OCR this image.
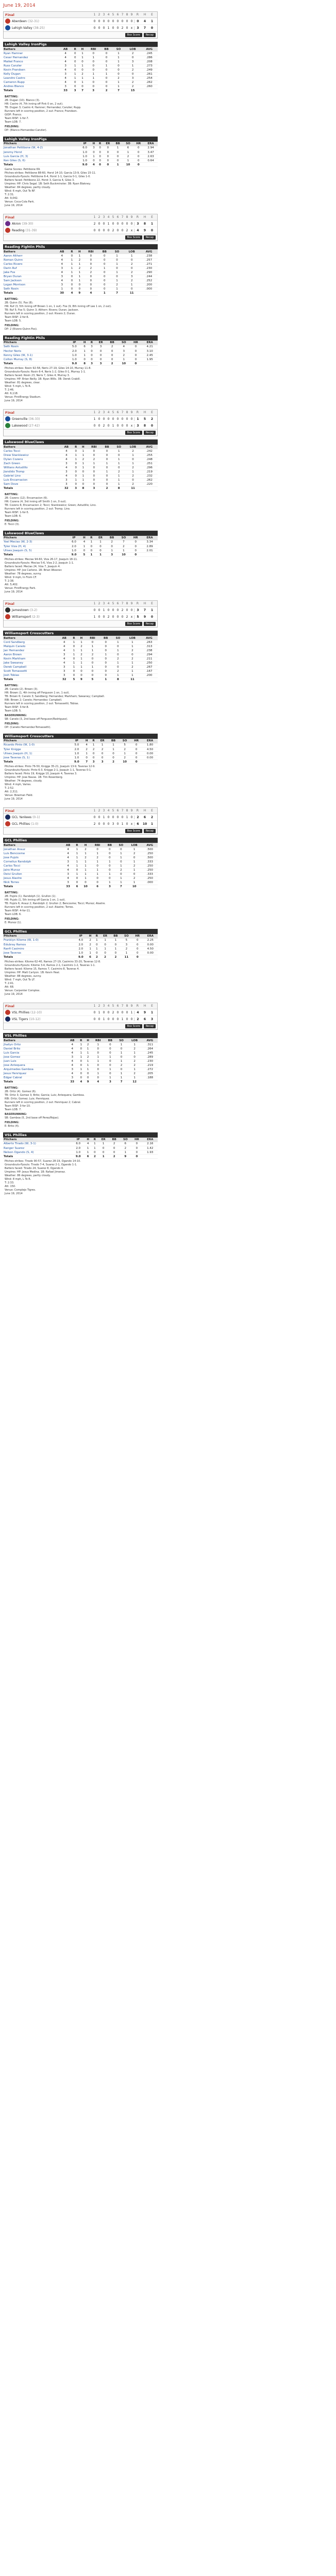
June 19, 2014
Final	1 2 3 4 5 6 7 8 9	R	H	E
Aberdeen (32-31)	0 0 0 0 0 0 0 0 0	0	4	1
Lehigh Valley (38-25)	0 0 0 1 0 0 2 0 x	3	7	0
Box Score	Recap
Lehigh Valley IronPigs
Batters	AB	R	H	RBI	BB	SO	LOB	AVG
Ryan Hamner	4	0	1	0	0	1	2	.245
Cesar Hernandez	4	0	1	1	0	1	0	.286
Maikel Franco	4	0	0	0	0	1	3	.208
Russ Canzler	3	1	1	0	1	0	1	.273
Kevin Frandsen	4	0	0	0	0	0	2	.249
Kelly Dugan	3	1	2	1	1	0	0	.261
Leandro Castro	4	1	1	1	0	2	3	.254
Cameron Rupp	4	0	1	0	0	1	2	.262
Andres Blanco	3	0	0	0	0	1	2	.260
Totals	33	3	7	3	2	7	15	
BATTING:
2B: Dugan (10). Blanco (3).
HR: Castro (4, 7th inning off Fink 0 on, 2 out).
TB: Dugan 3; Castro 4; Hamner; Hernandez; Canzler; Rupp.
Runners left in scoring position, 2 out: Franco; Frandsen.
GIDP: Franco.
Team RISP: 1-for-7.
Team LOB: 7.
FIELDING:
DP: (Blanco-Hernandez-Canzler).
Lehigh Valley IronPigs
Pitchers	IP	H	R	ER	BB	SO	HR	ERA
Jonathan Pettibone (W, 4-2)	6.0	3	0	0	1	6	0	2.94
Jeremy Horst	1.0	0	0	0	0	1	0	3.47
Luis Garcia (H, 3)	1.0	1	0	0	0	2	0	2.63
Ken Giles (S, 6)	1.0	0	0	0	0	1	0	0.64
Totals	9.0	4	0	0	1	10	0	
Game Scores: Pettibone 69.
Pitches-strikes: Pettibone 88-60, Horst 14-10, Garcia 13-9, Giles 15-11.
Groundouts-flyouts: Pettibone 6-4, Horst 1-1, Garcia 0-1, Giles 1-0.
Batters faced: Pettibone 22, Horst 3, Garcia 4, Giles 3.
Umpires: HP: Chris Segal. 1B: Seth Buckminster. 3B: Ryan Blakney.
Weather: 84 degrees, partly cloudy.
Wind: 6 mph, Out To RF.
T: 2:31.
Att: 9,042.
Venue: Coca-Cola Park.
June 19, 2014
Final	1 2 3 4 5 6 7 8 9	R	H	E
Akron (39-30)	2 0 0 1 0 0 0 0 0	3	8	1
Reading (31-39)	0 0 0 0 2 0 0 2 x	4	9	0
Box Score	Recap
Reading Fightin Phils
Batters	AB	R	H	RBI	BB	SO	LOB	AVG
Aaron Altherr	4	0	1	0	0	1	1	.238
Roman Quinn	4	1	2	0	0	0	0	.257
Carlos Rivero	4	1	1	0	0	1	2	.271
Darin Ruf	3	1	2	2	1	0	0	.230
Jake Fox	4	1	1	2	0	1	2	.290
Bryan Duran	3	0	1	0	0	0	3	.244
Sam Jackson	4	0	1	0	0	1	2	.252
Logan Morrison	3	0	0	0	0	2	1	.200
Seth Rosin	1	0	0	0	0	1	0	.000
Totals	30	4	9	4	1	7	11	
BATTING:
2B: Quinn (5). Fox (8).
HR: Ruf (3, 5th inning off Brown 1 on, 1 out). Fox (9, 8th inning off Lee 1 on, 2 out).
TB: Ruf 5; Fox 5; Quinn 3; Altherr; Rivero; Duran; Jackson.
Runners left in scoring position, 2 out: Rivero 2; Duran.
Team RISP: 2-for-6.
Team LOB: 5.
FIELDING:
DP: 2 (Rivero-Quinn-Fox).
Reading Fightin Phils
Pitchers	IP	H	R	ER	BB	SO	HR	ERA
Seth Rosin	5.0	6	3	3	2	4	0	4.21
Hector Neris	2.0	1	0	0	0	3	0	3.10
Kenny Giles (W, 3-1)	1.0	1	0	0	0	2	0	2.45
Colton Murray (S, 8)	1.0	0	0	0	0	1	0	1.95
Totals	9.0	8	3	3	2	10	0	
Pitches-strikes: Rosin 92-58, Neris 27-19, Giles 14-10, Murray 11-8.
Groundouts-flyouts: Rosin 6-4, Neris 1-2, Giles 0-1, Murray 1-1.
Batters faced: Rosin 23, Neris 7, Giles 4, Murray 3.
Umpires: HP: Brian Reilly. 1B: Ryan Wills. 3B: Derek Crabill.
Weather: 81 degrees, clear.
Wind: 5 mph, L To R.
T: 2:46.
Att: 6,118.
Venue: FirstEnergy Stadium.
June 19, 2014
Final	1 2 3 4 5 6 7 8 9	R	H	E
Greenville (36-33)	1 0 0 0 0 0 0 0 0	1	5	2
Lakewood (27-42)	0 0 2 0 1 0 0 0 x	3	8	0
Box Score	Recap
Lakewood BlueClaws
Batters	AB	R	H	RBI	BB	SO	LOB	AVG
Carlos Tocci	4	0	1	0	0	1	2	.242
Drew Stankiewicz	4	1	1	0	0	0	1	.255
Dylan Cozens	4	1	2	2	0	1	0	.248
Zach Green	3	0	1	1	1	1	1	.251
Willians Astudillo	4	0	1	0	0	0	2	.296
Jiandido Tromp	3	0	0	0	1	2	1	.219
Gabriel Lino	4	0	1	0	0	1	2	.232
Luis Encarnacion	3	1	1	0	0	1	0	.262
Sam Dove	3	0	0	0	0	1	2	.220
Totals	32	3	8	3	2	8	11	
BATTING:
2B: Cozens (12). Encarnacion (6).
HR: Cozens (4, 3rd inning off Smith 1 on, 0 out).
TB: Cozens 6; Encarnacion 2; Tocci; Stankiewicz; Green; Astudillo; Lino.
Runners left in scoring position, 2 out: Tromp; Lino.
Team RISP: 1-for-5.
Team LOB: 6.
FIELDING:
E: Tocci (3).
Lakewood BlueClaws
Pitchers	IP	H	R	ER	BB	SO	HR	ERA
Yoel Mecias (W, 2-3)	6.0	4	1	1	2	7	0	3.34
Tyler Viza (H, 4)	2.0	1	0	0	0	2	0	2.89
Ulises Joaquin (S, 5)	1.0	0	0	0	1	1	0	2.01
Totals	9.0	5	1	1	3	10	0	
Pitches-strikes: Mecias 94-60, Viza 26-17, Joaquin 18-11.
Groundouts-flyouts: Mecias 5-6, Viza 2-2, Joaquin 1-1.
Batters faced: Mecias 24, Viza 7, Joaquin 4.
Umpires: HP: Joe Carlone. 1B: Brian Wiesner.
Weather: 78 degrees, sunny.
Wind: 9 mph, In From CF.
T: 2:38.
Att: 5,402.
Venue: FirstEnergy Park.
June 19, 2014
Final	1 2 3 4 5 6 7 8 9	R	H	E
Jamestown (3-2)	0 0 1 0 0 0 2 0 0	3	7	1
Williamsport (2-3)	1 0 0 2 0 0 0 2 x	5	9	0
Box Score	Recap
Williamsport Crosscutters
Batters	AB	R	H	RBI	BB	SO	LOB	AVG
Cord Sandberg	4	1	1	0	0	1	1	.263
Malquin Canelo	4	0	2	1	0	0	1	.313
Jan Hernandez	4	1	1	1	0	1	2	.238
Aaron Brown	3	1	2	2	1	0	0	.294
Kevin Markham	4	0	1	0	0	2	2	.211
Jake Sweaney	4	1	1	0	0	1	1	.250
Derek Campbell	3	1	1	1	0	0	2	.267
Scott Tomassetti	3	0	0	0	0	2	1	.167
Josh Tobias	3	0	0	0	0	1	1	.200
Totals	32	5	9	5	1	8	11	
BATTING:
2B: Canelo (2). Brown (3).
HR: Brown (1, 4th inning off Ferguson 1 on, 1 out).
TB: Brown 6; Canelo 3; Sandberg; Hernandez; Markham; Sweaney; Campbell.
RBI: Brown 2; Canelo; Hernandez; Campbell.
Runners left in scoring position, 2 out: Tomassetti; Tobias.
Team RISP: 3-for-8.
Team LOB: 5.
BASERUNNING:
SB: Canelo (3, 2nd base off Ferguson/Rodriguez).
FIELDING:
DP: (Canelo-Hernandez-Tomassetti).
Williamsport Crosscutters
Pitchers	IP	H	R	ER	BB	SO	HR	ERA
Ricardo Pinto (W, 1-0)	5.0	4	1	1	1	5	0	1.80
Tyler Knigge	2.0	2	2	2	1	2	0	4.50
Ulises Joaquin (H, 1)	1.0	1	0	0	0	1	0	0.00
Jose Taveras (S, 1)	1.0	0	0	0	0	2	0	0.00
Totals	9.0	7	3	3	2	10	0	
Pitches-strikes: Pinto 76-50, Knigge 35-21, Joaquin 13-9, Taveras 12-9.
Groundouts-flyouts: Pinto 6-3, Knigge 2-1, Joaquin 1-1, Taveras 0-1.
Batters faced: Pinto 19, Knigge 10, Joaquin 4, Taveras 3.
Umpires: HP: Jose Navas. 1B: Tim Rosenberg.
Weather: 74 degrees, cloudy.
Wind: 4 mph, Varies.
T: 2:52.
Att: 2,311.
Venue: Bowman Field.
June 19, 2014
Final	1 2 3 4 5 6 7 8 9	R	H	E
GCL Yankees (0-1)	0 0 1 0 0 0 0 1 0	2	6	2
GCL Phillies (1-0)	2 0 0 0 3 0 1 0 x	6	10	1
Box Score	Recap
GCL Phillies
Batters	AB	R	H	RBI	BB	SO	LOB	AVG
Jonathan Arauz	4	1	2	0	0	0	1	.500
Luis Bencosme	4	1	1	1	0	1	2	.250
Jose Pujols	4	1	2	2	0	1	0	.500
Cornelius Randolph	3	1	1	1	1	0	1	.333
Carlos Tocci	4	1	1	0	0	1	2	.250
Jairo Munoz	4	0	1	1	0	2	1	.250
Deivi Grullon	3	1	1	1	1	0	0	.333
Jesus Alastre	4	0	1	0	0	1	2	.250
Nick Torres	3	0	0	0	1	1	1	.000
Totals	33	6	10	6	3	7	10	
BATTING:
2B: Pujols (1). Randolph (1). Grullon (1).
HR: Pujols (1, 5th inning off Garcia 1 on, 1 out).
TB: Pujols 6; Arauz 2; Randolph 2; Grullon 2; Bencosme; Tocci; Munoz; Alastre.
Runners left in scoring position, 2 out: Alastre; Torres.
Team RISP: 4-for-11.
Team LOB: 6.
FIELDING:
E: Munoz (1).
GCL Phillies
Pitchers	IP	H	R	ER	BB	SO	HR	ERA
Franklyn Kilome (W, 1-0)	4.0	2	1	1	1	5	0	2.25
Edubray Ramos	2.0	2	0	0	0	3	0	0.00
Ranfi Casimiro	2.0	1	1	1	1	2	0	4.50
Jose Taveras	1.0	1	0	0	0	1	0	0.00
Totals	9.0	6	2	2	2	11	0	
Pitches-strikes: Kilome 62-40, Ramos 27-19, Casimiro 33-20, Taveras 12-8.
Groundouts-flyouts: Kilome 3-4, Ramos 2-1, Casimiro 1-2, Taveras 1-1.
Batters faced: Kilome 15, Ramos 7, Casimiro 8, Taveras 4.
Umpires: HP: Matt Carlyon. 1B: Kevin Heal.
Weather: 88 degrees, sunny.
Wind: 7 mph, Out To LF.
T: 2:41.
Att: 68.
Venue: Carpenter Complex.
June 19, 2014
Final	1 2 3 4 5 6 7 8 9	R	H	E
VSL Phillies (12-10)	0 1 0 0 2 0 0 0 1	4	9	1
VSL Tigers (10-12)	0 0 1 0 0 0 1 0 0	2	6	3
Box Score	Recap
VSL Phillies
Batters	AB	R	H	RBI	BB	SO	LOB	AVG
Jhailyn Ortiz	4	1	2	1	0	1	1	.311
Daniel Brito	4	0	1	0	0	0	2	.264
Luis Garcia	4	1	1	0	0	1	1	.245
Jose Gomez	3	1	2	1	1	0	0	.289
Juan Luis	4	0	1	1	0	1	2	.230
Jose Antequera	4	0	1	0	0	2	2	.219
Arquimedes Gamboa	3	1	1	0	1	0	1	.272
Jesus Henriquez	4	0	0	1	0	1	2	.205
Edgar Cabral	3	0	0	0	1	1	1	.188
Totals	33	4	9	4	3	7	12	
BATTING:
2B: Ortiz (4). Gomez (6).
TB: Ortiz 3; Gomez 3; Brito; Garcia; Luis; Antequera; Gamboa.
RBI: Ortiz; Gomez; Luis; Henriquez.
Runners left in scoring position, 2 out: Henriquez 2; Cabral.
Team RISP: 3-for-10.
Team LOB: 7.
BASERUNNING:
SB: Gamboa (5, 2nd base off Perez/Rojas).
FIELDING:
E: Brito (4).
VSL Phillies
Pitchers	IP	H	R	ER	BB	SO	HR	ERA
Alberto Tirado (W, 3-1)	6.0	4	1	1	2	6	0	2.16
Ranger Suarez	2.0	1	1	0	0	2	0	1.42
Nelson Ogando (S, 4)	1.0	1	0	0	0	1	0	1.93
Totals	9.0	6	2	1	2	9	0	
Pitches-strikes: Tirado 90-57, Suarez 28-19, Ogando 14-10.
Groundouts-flyouts: Tirado 7-4, Suarez 2-1, Ogando 1-1.
Batters faced: Tirado 24, Suarez 8, Ogando 4.
Umpires: HP: Jesus Medina. 1B: Rafael Jimenez.
Weather: 86 degrees, partly cloudy.
Wind: 8 mph, L To R.
T: 2:33.
Att: 150.
Venue: Complejo Tigres.
June 19, 2014
